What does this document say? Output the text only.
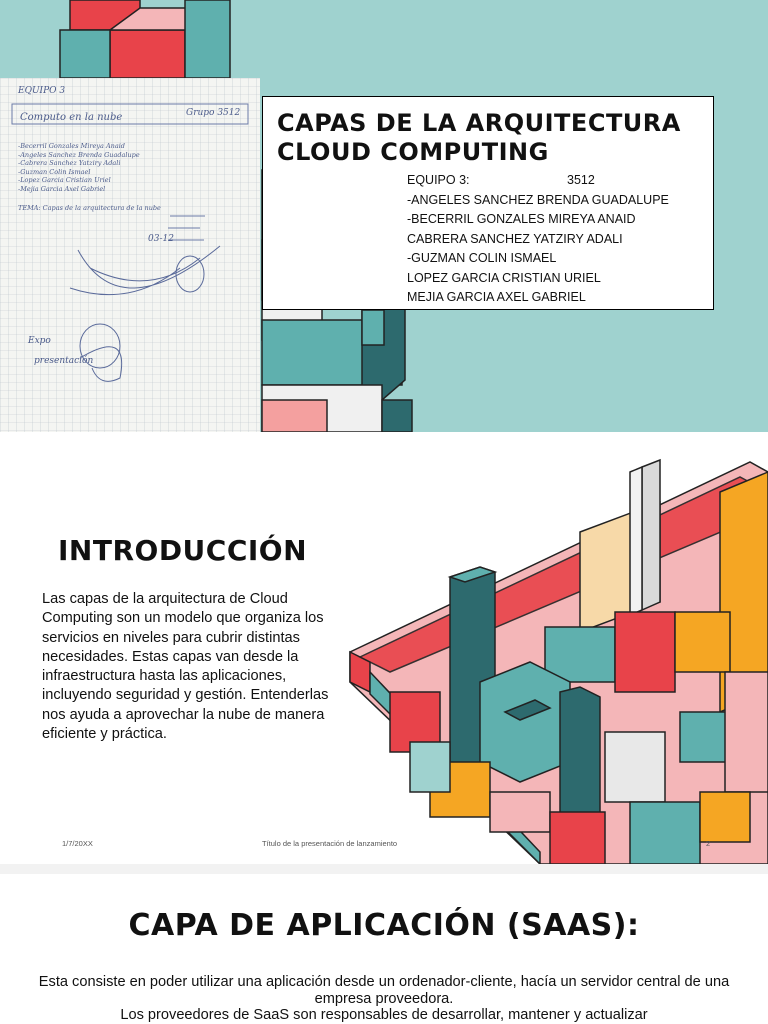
EQUIPO 3
Grupo 3512
Computo en la nube
-Becerril Gonzales Mireya Anaid
-Angeles Sanchez Brenda Guadalupe
-Cabrera Sanchez Yatziry Adali
-Guzman Colin Ismael
-Lopez Garcia Cristian Uriel
-Mejia Garcia Axel Gabriel
TEMA: Capas de la arquitectura de la nube
03-12
Expo
presentación
CAPAS DE LA ARQUITECTURA
CLOUD COMPUTING
EQUIPO 3:	3512
-ANGELES SANCHEZ BRENDA GUADALUPE
-BECERRIL GONZALES MIREYA ANAID
CABRERA SANCHEZ YATZIRY ADALI
-GUZMAN COLIN ISMAEL
LOPEZ GARCIA CRISTIAN URIEL
MEJIA GARCIA AXEL GABRIEL
INTRODUCCIÓN
Las capas de la arquitectura de Cloud Computing son un modelo que organiza los servicios en niveles para cubrir distintas necesidades. Estas capas van desde la infraestructura hasta las aplicaciones, incluyendo seguridad y gestión. Entenderlas nos ayuda a aprovechar la nube de manera eficiente y práctica.
1/7/20XX	Título de la presentación de lanzamiento	2
CAPA DE APLICACIÓN (SAAS):
Esta consiste en poder utilizar una aplicación desde un ordenador-cliente, hacía un servidor central de una empresa proveedora.
Los proveedores de SaaS son responsables de desarrollar, mantener y actualizar
